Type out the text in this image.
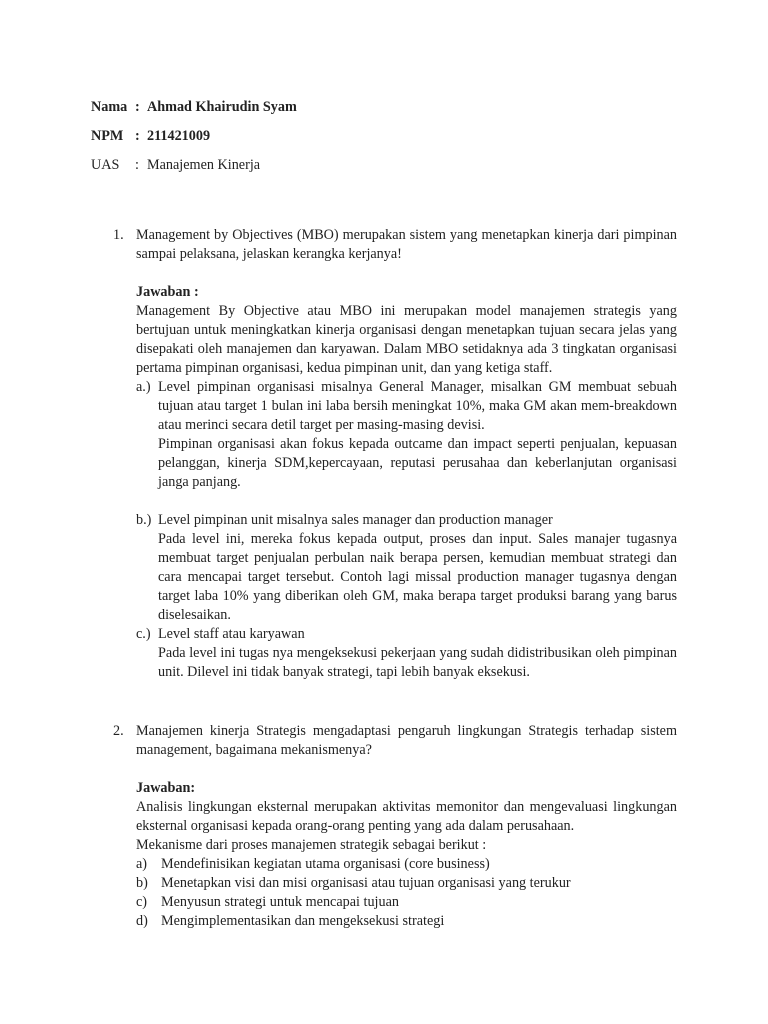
Nama : Ahmad Khairudin Syam
NPM : 211421009
UAS	: Manajemen Kinerja
1. Management by Objectives (MBO) merupakan sistem yang menetapkan kinerja dari pimpinan sampai pelaksana, jelaskan kerangka kerjanya!

Jawaban :

Management By Objective atau MBO ini merupakan model manajemen strategis yang bertujuan untuk meningkatkan kinerja organisasi dengan menetapkan tujuan secara jelas yang disepakati oleh manajemen dan karyawan. Dalam MBO setidaknya ada 3 tingkatan organisasi pertama pimpinan organisasi, kedua pimpinan unit, dan yang ketiga staff.

a.) Level pimpinan organisasi misalnya General Manager, misalkan GM membuat sebuah tujuan atau target 1 bulan ini laba bersih meningkat 10%, maka GM akan mem-breakdown atau merinci secara detil target per masing-masing devisi.

Pimpinan organisasi akan fokus kepada outcame dan impact seperti penjualan, kepuasan pelanggan, kinerja SDM,kepercayaan, reputasi perusahaa dan keberlanjutan organisasi janga panjang.

b.) Level pimpinan unit misalnya sales manager dan production manager

Pada level ini, mereka fokus kepada output, proses dan input. Sales manajer tugasnya membuat target penjualan perbulan naik berapa persen, kemudian membuat strategi dan cara mencapai target tersebut. Contoh lagi missal production manager tugasnya dengan target laba 10% yang diberikan oleh GM, maka berapa target produksi barang yang barus diselesaikan.

c.) Level staff atau karyawan

Pada level ini tugas nya mengeksekusi pekerjaan yang sudah didistribusikan oleh pimpinan unit. Dilevel ini tidak banyak strategi, tapi lebih banyak eksekusi.

2. Manajemen kinerja Strategis mengadaptasi pengaruh lingkungan Strategis terhadap sistem management, bagaimana mekanismenya?

Jawaban:

Analisis lingkungan eksternal merupakan aktivitas memonitor dan mengevaluasi lingkungan eksternal organisasi kepada orang-orang penting yang ada dalam perusahaan.

Mekanisme dari proses manajemen strategik sebagai berikut :

a) Mendefinisikan kegiatan utama organisasi (core business)
b) Menetapkan visi dan misi organisasi atau tujuan organisasi yang terukur
c) Menyusun strategi untuk mencapai tujuan
d) Mengimplementasikan dan mengeksekusi strategi
